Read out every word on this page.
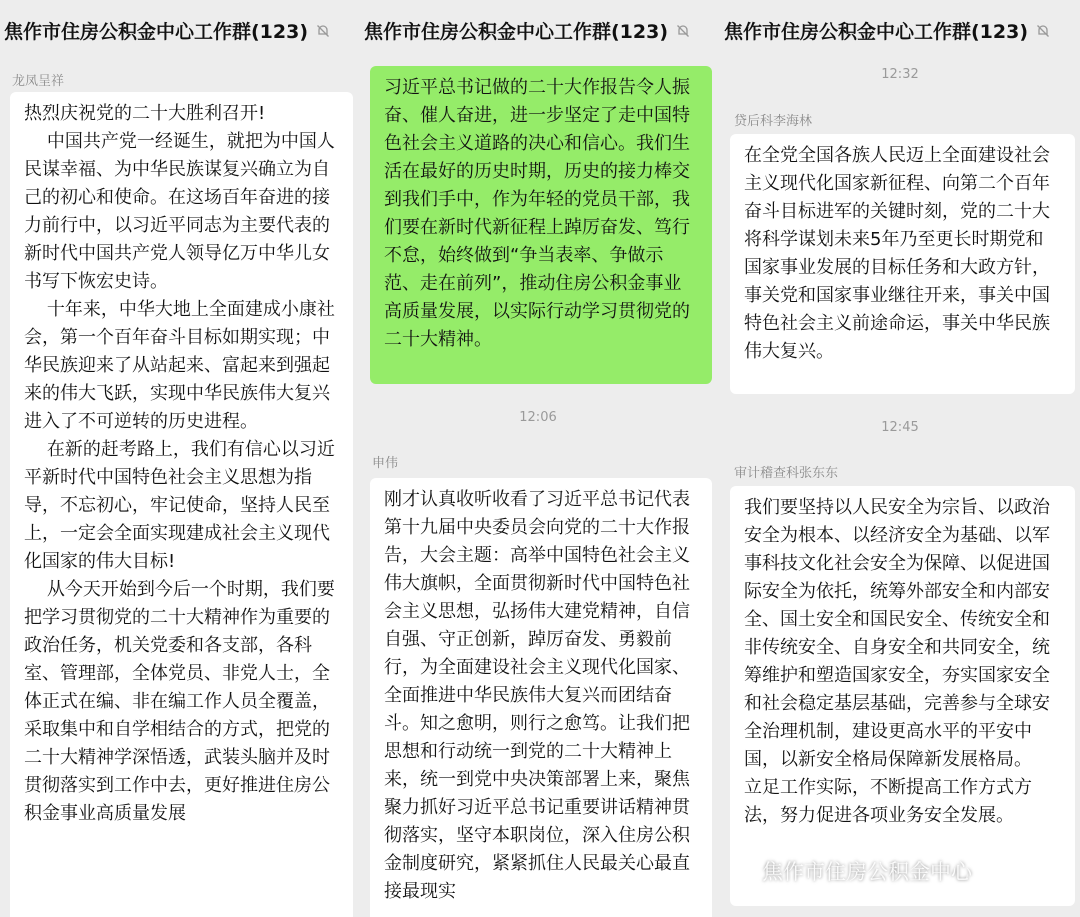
焦作市住房公积金中心工作群(123)
龙凤呈祥
热烈庆祝党的二十大胜利召开!
中国共产党一经诞生，就把为中国人民谋幸福、为中华民族谋复兴确立为自己的初心和使命。在这场百年奋进的接力前行中，以习近平同志为主要代表的新时代中国共产党人领导亿万中华儿女书写下恢宏史诗。
十年来，中华大地上全面建成小康社会，第一个百年奋斗目标如期实现；中华民族迎来了从站起来、富起来到强起来的伟大飞跃，实现中华民族伟大复兴进入了不可逆转的历史进程。
在新的赶考路上，我们有信心以习近平新时代中国特色社会主义思想为指导，不忘初心，牢记使命，坚持人民至上，一定会全面实现建成社会主义现代化国家的伟大目标!
从今天开始到今后一个时期，我们要把学习贯彻党的二十大精神作为重要的政治任务，机关党委和各支部，各科室、管理部，全体党员、非党人士，全体正式在编、非在编工作人员全覆盖，采取集中和自学相结合的方式，把党的二十大精神学深悟透，武装头脑并及时贯彻落实到工作中去，更好推进住房公积金事业高质量发展
焦作市住房公积金中心工作群(123)
习近平总书记做的二十大作报告令人振奋、催人奋进，进一步坚定了走中国特色社会主义道路的决心和信心。我们生活在最好的历史时期，历史的接力棒交到我们手中，作为年轻的党员干部，我们要在新时代新征程上踔厉奋发、笃行不怠，始终做到“争当表率、争做示范、走在前列”，推动住房公积金事业高质量发展，以实际行动学习贯彻党的二十大精神。
12:06
申伟
刚才认真收听收看了习近平总书记代表第十九届中央委员会向党的二十大作报告，大会主题：高举中国特色社会主义伟大旗帜，全面贯彻新时代中国特色社会主义思想，弘扬伟大建党精神，自信自强、守正创新，踔厉奋发、勇毅前行，为全面建设社会主义现代化国家、全面推进中华民族伟大复兴而团结奋斗。知之愈明，则行之愈笃。让我们把思想和行动统一到党的二十大精神上来，统一到党中央决策部署上来，聚焦聚力抓好习近平总书记重要讲话精神贯彻落实，坚守本职岗位，深入住房公积金制度研究，紧紧抓住人民最关心最直接最现实
焦作市住房公积金中心工作群(123)
12:32
贷后科李海林
在全党全国各族人民迈上全面建设社会主义现代化国家新征程、向第二个百年奋斗目标进军的关键时刻，党的二十大将科学谋划未来5年乃至更长时期党和国家事业发展的目标任务和大政方针，事关党和国家事业继往开来，事关中国特色社会主义前途命运，事关中华民族伟大复兴。
12:45
审计稽查科张东东
我们要坚持以人民安全为宗旨、以政治安全为根本、以经济安全为基础、以军事科技文化社会安全为保障、以促进国际安全为依托，统筹外部安全和内部安全、国土安全和国民安全、传统安全和非传统安全、自身安全和共同安全，统筹维护和塑造国家安全，夯实国家安全和社会稳定基层基础，完善参与全球安全治理机制，建设更高水平的平安中国，以新安全格局保障新发展格局。
立足工作实际，不断提高工作方式方法，努力促进各项业务安全发展。
焦作市住房公积金中心
